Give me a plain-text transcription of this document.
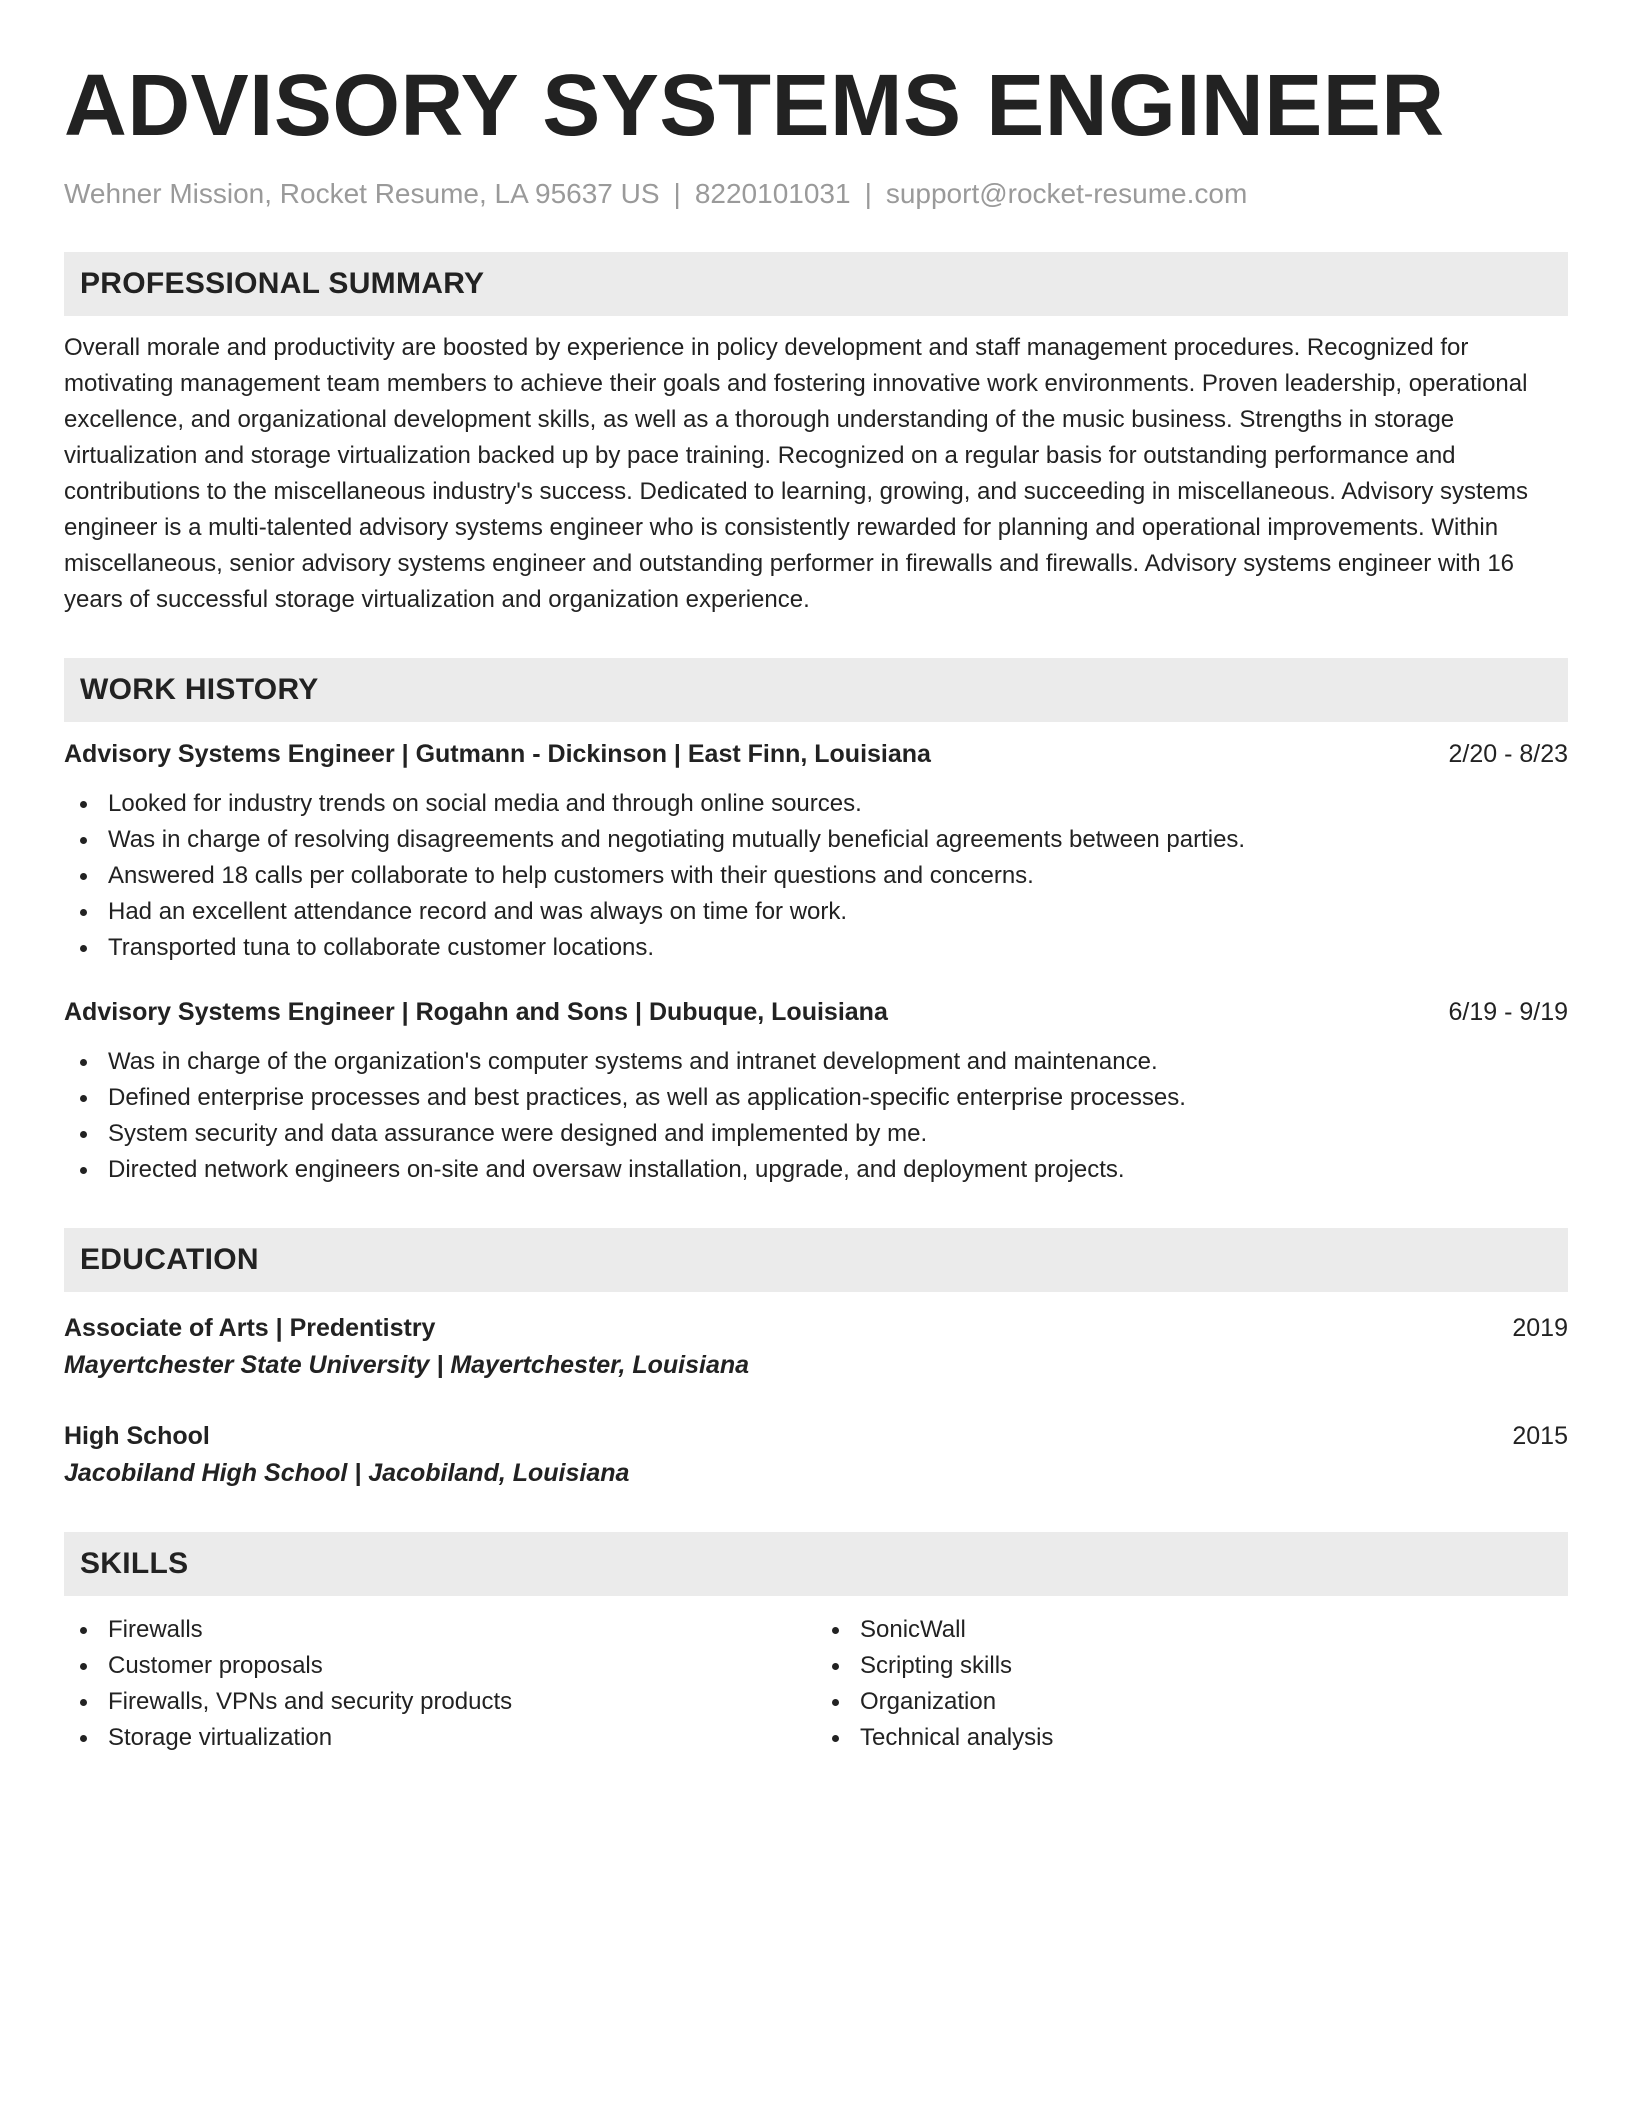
ADVISORY SYSTEMS ENGINEER
Wehner Mission, Rocket Resume, LA 95637 US | 8220101031 | support@rocket-resume.com
PROFESSIONAL SUMMARY

Overall morale and productivity are boosted by experience in policy development and staff management procedures. Recognized for motivating management team members to achieve their goals and fostering innovative work environments. Proven leadership, operational excellence, and organizational development skills, as well as a thorough understanding of the music business. Strengths in storage virtualization and storage virtualization backed up by pace training. Recognized on a regular basis for outstanding performance and contributions to the miscellaneous industry's success. Dedicated to learning, growing, and succeeding in miscellaneous. Advisory systems engineer is a multi-talented advisory systems engineer who is consistently rewarded for planning and operational improvements. Within miscellaneous, senior advisory systems engineer and outstanding performer in firewalls and firewalls. Advisory systems engineer with 16 years of successful storage virtualization and organization experience.

WORK HISTORY
Advisory Systems Engineer | Gutmann - Dickinson | East Finn, Louisiana	2/20 - 8/23
Looked for industry trends on social media and through online sources.
Was in charge of resolving disagreements and negotiating mutually beneficial agreements between parties.
Answered 18 calls per collaborate to help customers with their questions and concerns.
Had an excellent attendance record and was always on time for work.
Transported tuna to collaborate customer locations.
Advisory Systems Engineer | Rogahn and Sons | Dubuque, Louisiana	6/19 - 9/19
Was in charge of the organization's computer systems and intranet development and maintenance.
Defined enterprise processes and best practices, as well as application-specific enterprise processes.
System security and data assurance were designed and implemented by me.
Directed network engineers on-site and oversaw installation, upgrade, and deployment projects.
EDUCATION
Associate of Arts | Predentistry	2019
Mayertchester State University | Mayertchester, Louisiana
High School	2015
Jacobiland High School | Jacobiland, Louisiana
SKILLS
Firewalls
Customer proposals
Firewalls, VPNs and security products
Storage virtualization
SonicWall
Scripting skills
Organization
Technical analysis
